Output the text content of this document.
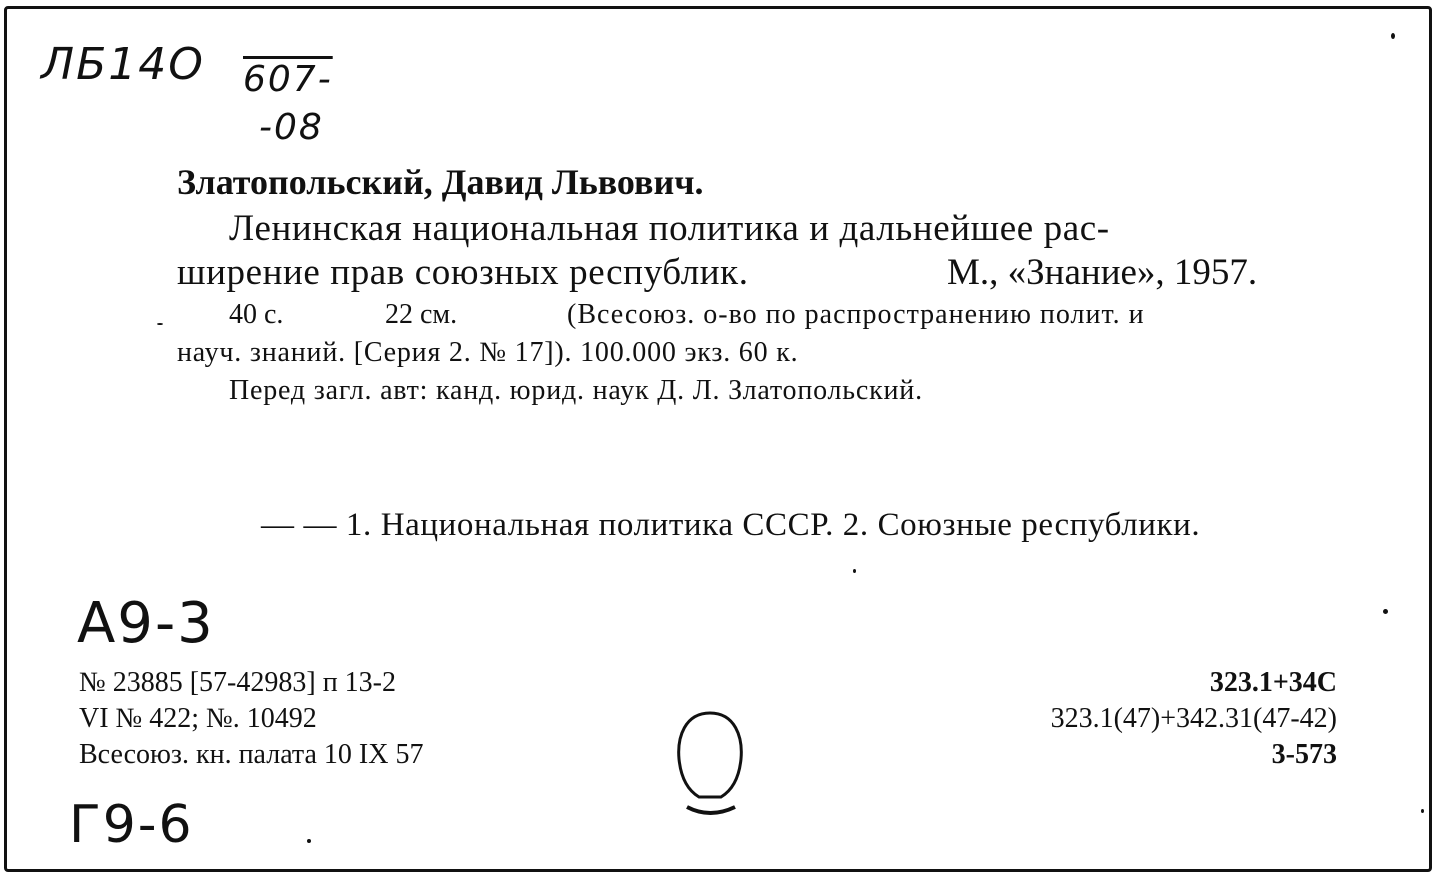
ЛБ14О 607-
-08
Златопольский, Давид Львович.
Ленинская национальная политика и дальнейшее рас-
ширение прав союзных республик.	М., «Знание», 1957.
40 с.	22 см.	(Всесоюз. о-во по распространению полит. и
науч. знаний. [Серия 2. № 17]). 100.000 экз. 60 к.
Перед загл. авт: канд. юрид. наук Д. Л. Златопольский.
— — 1. Национальная политика СССР. 2. Союзные республики.
А9-3
№ 23885 [57-42983] п 13-2
VI № 422; №. 10492
Всесоюз. кн. палата 10 IX 57
323.1+34С
323.1(47)+342.31(47-42)
3-573
Г9-6
